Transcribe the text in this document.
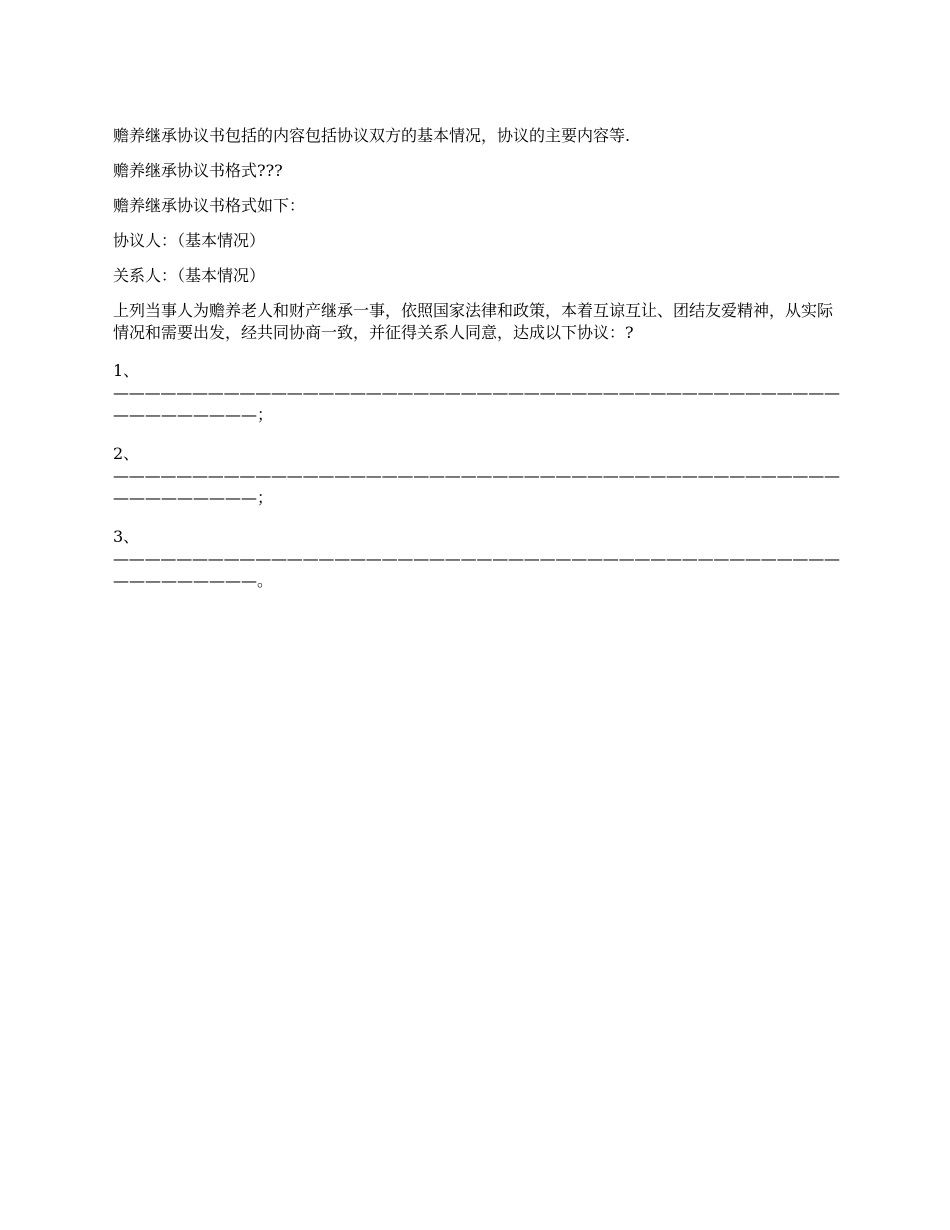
赡养继承协议书包括的内容包括协议双方的基本情况，协议的主要内容等.

赡养继承协议书格式???

赡养继承协议书格式如下：

协议人：（基本情况）

关系人：（基本情况）

上列当事人为赡养老人和财产继承一事，依照国家法律和政策，本着互谅互让、团结友爱精神，从实际情况和需要出发，经共同协商一致，并征得关系人同意，达成以下协议：?

1、
——————————————————————————————————————————————
—————————；
2、
——————————————————————————————————————————————
—————————；
3、
——————————————————————————————————————————————
—————————。
